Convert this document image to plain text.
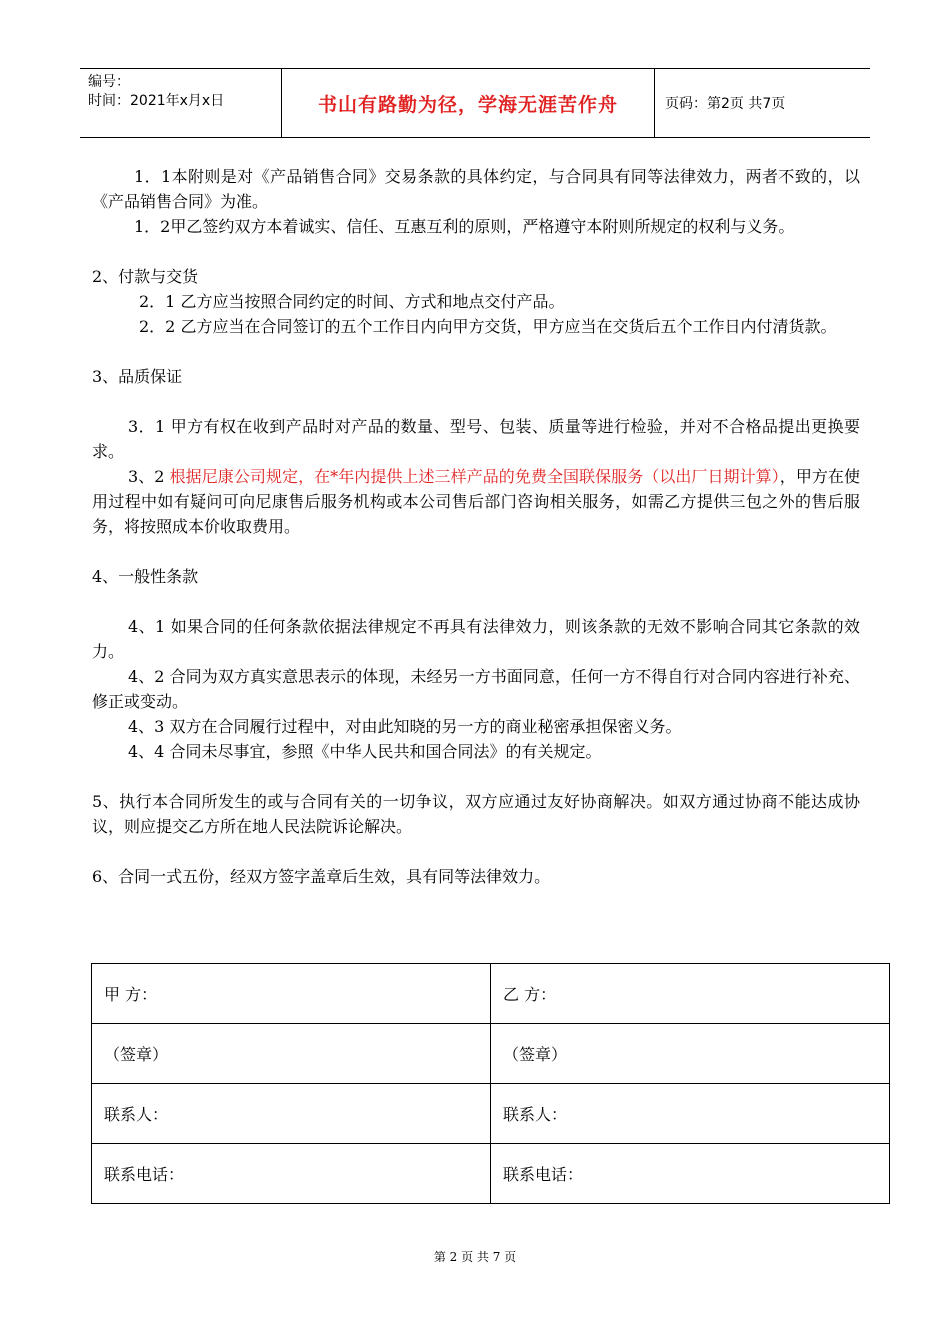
编号：
时间：2021年x月x日	书山有路勤为径，学海无涯苦作舟	页码：第2页 共7页

1．1本附则是对《产品销售合同》交易条款的具体约定，与合同具有同等法律效力，两者不致的，以《产品销售合同》为准。

1．2甲乙签约双方本着诚实、信任、互惠互利的原则，严格遵守本附则所规定的权利与义务。

2、付款与交货

2．1 乙方应当按照合同约定的时间、方式和地点交付产品。

2．2 乙方应当在合同签订的五个工作日内向甲方交货，甲方应当在交货后五个工作日内付清货款。

3、品质保证

3．1 甲方有权在收到产品时对产品的数量、型号、包装、质量等进行检验，并对不合格品提出更换要求。

3、2 根据尼康公司规定，在*年内提供上述三样产品的免费全国联保服务（以出厂日期计算），甲方在使用过程中如有疑问可向尼康售后服务机构或本公司售后部门咨询相关服务，如需乙方提供三包之外的售后服务，将按照成本价收取费用。

4、一般性条款

4、1 如果合同的任何条款依据法律规定不再具有法律效力，则该条款的无效不影响合同其它条款的效力。

4、2 合同为双方真实意思表示的体现，未经另一方书面同意，任何一方不得自行对合同内容进行补充、修正或变动。

4、3 双方在合同履行过程中，对由此知晓的另一方的商业秘密承担保密义务。

4、4 合同未尽事宜，参照《中华人民共和国合同法》的有关规定。

5、执行本合同所发生的或与合同有关的一切争议，双方应通过友好协商解决。如双方通过协商不能达成协议，则应提交乙方所在地人民法院诉论解决。

6、合同一式五份，经双方签字盖章后生效，具有同等法律效力。

甲 方：	乙 方：
（签章）	（签章）
联系人：	联系人：
联系电话：	联系电话：
第 2 页 共 7 页
